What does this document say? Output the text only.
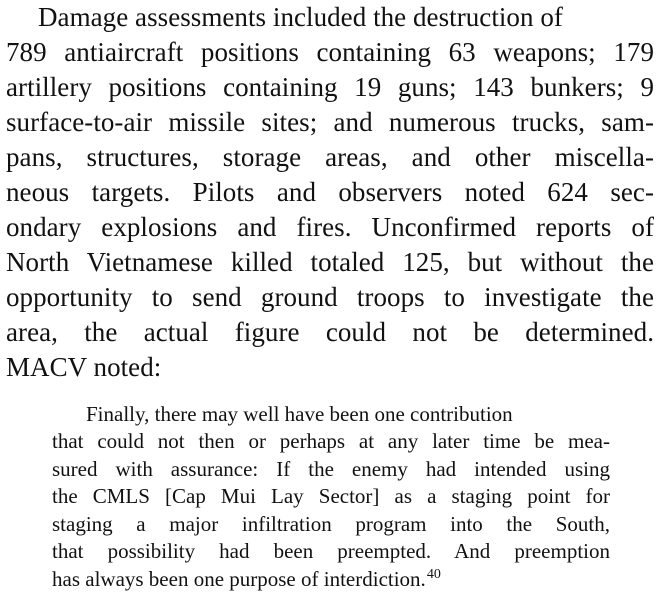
Damage assessments included the destruction of
789 antiaircraft positions containing 63 weapons; 179
artillery positions containing 19 guns; 143 bunkers; 9
surface-to-air missile sites; and numerous trucks, sam-
pans, structures, storage areas, and other miscella-
neous targets. Pilots and observers noted 624 sec-
ondary explosions and fires. Unconfirmed reports of
North Vietnamese killed totaled 125, but without the
opportunity to send ground troops to investigate the
area, the actual figure could not be determined.
MACV noted:
Finally, there may well have been one contribution
that could not then or perhaps at any later time be mea-
sured with assurance: If the enemy had intended using
the CMLS [Cap Mui Lay Sector] as a staging point for
staging a major infiltration program into the South,
that possibility had been preempted. And preemption
has always been one purpose of interdiction.$^{40}$
